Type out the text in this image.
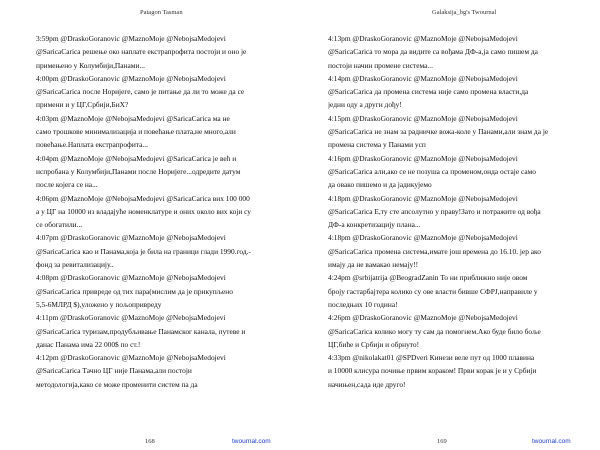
Patagon Tasman
3:59pm @DraskoGoranovic @MaznoMoje @NebojsaMedojevi
@SaricaCarica решење око наплате екстрапрофита постоји и оно је
примењено у Колумбији,Панами...
4:00pm @DraskoGoranovic @MaznoMoje @NebojsaMedojevi
@SaricaCarica после Норијеге, само је питање да ли то може да се
примени и у ЦГ,Србији,БиХ?
4:03pm @MaznoMoje @NebojsaMedojevi @SaricaCarica ма не
само трошкове минимализација и повећање плата,не много,али
повећање.Наплата екстрапрофита...
4:04pm @MaznoMoje @NebojsaMedojevi @SaricaCarica је већ и
испробана у Колумбији,Панами после Норијеге...одредите датум
после којега се на...
4:06pm @MaznoMoje @NebojsaMedojevi @SaricaCarica вих 100 000
а у ЦГ на 10000 из владајуће номенклатуре и оних около вих који су
се обогатили...
4:07pm @DraskoGoranovic @MaznoMoje @NebojsaMedojevi
@SaricaCarica као и Панама,којa је била на граници глади 1990.год.-
фонд за ревитализацију..
4:08pm @DraskoGoranovic @MaznoMoje @NebojsaMedojevi
@SaricaCarica привреде од тих пара(мислим да је прикупљено
5,5-6МЛРД $),уложено у пољопривреду
4:11pm @DraskoGoranovic @MaznoMoje @NebojsaMedojevi
@SaricaCarica туризам,продубљивање Панамског канала, путеве и
данас Панама има 22 000$ по ст.!
4:12pm @DraskoGoranovic @MaznoMoje @NebojsaMedojevi
@SaricaCarica Тачно ЦГ није Панама,али постоји
методологија,како се може променити систем па да
168	twournal.com
Galaksija_bg's Twournal
4:13pm @DraskoGoranovic @MaznoMoje @NebojsaMedojevi
@SaricaCarica то мора да видите са вођама ДФ-а,ја само пишем да
постоји начин промене система...
4:14pm @DraskoGoranovic @MaznoMoje @NebojsaMedojevi
@SaricaCarica да промена система није само промена власти,да
једни оду а други дођу!
4:15pm @DraskoGoranovic @MaznoMoje @NebojsaMedojevi
@SaricaCarica не знам за радничке вожа-коле у Панами,али знам да је
промена система у Панами усп
4:16pm @DraskoGoranovic @MaznoMoje @NebojsaMedojevi
@SaricaCarica али,ако се не позуша са променом,онда остаје само
да овако пишемо и да јадикујемо
4:18pm @DraskoGoranovic @MaznoMoje @NebojsaMedojevi
@SaricaCarica Е,ту сте апсолутно у праву!Зато и потражите од вођа
ДФ-а конкретизацију плана...
4:18pm @DraskoGoranovic @MaznoMoje @NebojsaMedojevi
@SaricaCarica промена система,имате још времена до 16.10. јер ако
имају да не вамакао немају!!
4:24pm @srbijatrija @BeogradZanin То ни приближно није овом
броју гастарбајтера колико су ове власти бивше СФРЈ,направиле у
последњих 10 година!
4:26pm @DraskoGoranovic @MaznoMoje @NebojsaMedojevi
@SaricaCarica колико могу ту сам да помогнем.Ако буде било боље
ЦГ,биће и Србији и обрнуто!
4:33pm @nikolakat01 @SPDveri Кинези веле пут од 1000 плавина
и 10000 клисура почиње првим кораком! Први корак је и у Србији
начињен,сада иде друго!
169	twournal.com
